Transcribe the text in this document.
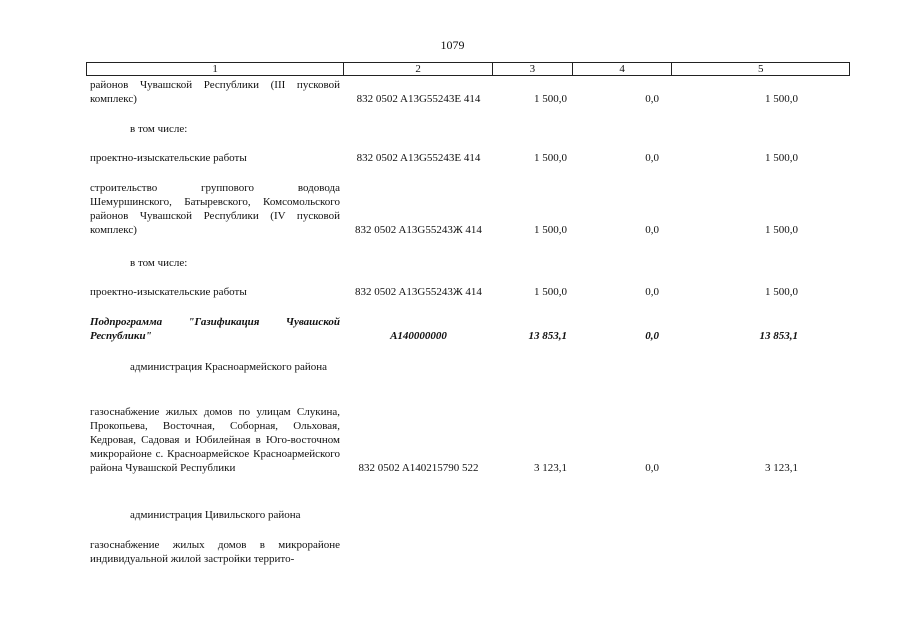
1079
1	2	3	4	5
районов Чувашской Республики (III пусковой комплекс)	832 0502 A13G55243E 414	1 500,0	0,0	1 500,0
в том числе:
проектно-изыскательские работы	832 0502 A13G55243E 414	1 500,0	0,0	1 500,0
строительство группового водовода Шемуршинского, Батыревского, Комсомольского районов Чувашской Республики (IV пусковой комплекс)	832 0502 A13G55243Ж 414	1 500,0	0,0	1 500,0
в том числе:
проектно-изыскательские работы	832 0502 A13G55243Ж 414	1 500,0	0,0	1 500,0
Подпрограмма "Газификация Чувашской Республики"	A140000000	13 853,1	0,0	13 853,1
администрация Красноармейского района
газоснабжение жилых домов по улицам Слукина, Прокопьева, Восточная, Соборная, Ольховая, Кедровая, Садовая и Юбилейная в Юго-восточном микрорайоне с. Красноармейское Красноармейского района Чувашской Республики	832 0502 A140215790 522	3 123,1	0,0	3 123,1
администрация Цивильского района
газоснабжение жилых домов в микрорайоне индивидуальной жилой застройки террито-
